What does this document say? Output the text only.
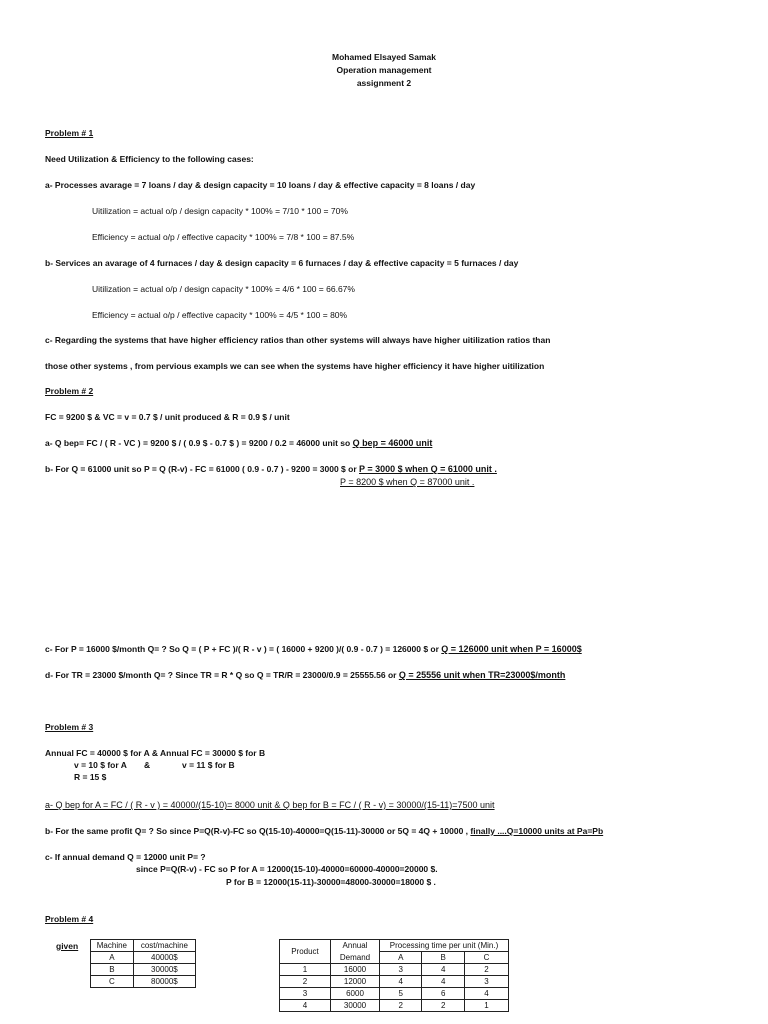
Mohamed Elsayed Samak
Operation management
assignment 2
Problem # 1
Need Utilization & Efficiency to the following cases:
a- Processes avarage = 7 loans / day & design capacity = 10 loans / day & effective capacity = 8 loans / day
Uitilization = actual o/p / design capacity * 100% = 7/10 * 100 = 70%
Efficiency = actual o/p / effective capacity * 100% = 7/8 * 100 = 87.5%
b- Services an avarage of 4 furnaces / day & design capacity = 6 furnaces / day & effective capacity = 5 furnaces / day
Uitilization = actual o/p / design capacity * 100% = 4/6 * 100 = 66.67%
Efficiency = actual o/p / effective capacity * 100% = 4/5 * 100 = 80%
c- Regarding the systems that have higher efficiency ratios than other systems will always have higher uitilization ratios than
those other systems , from pervious exampls we can see when the systems have higher efficiency it have higher uitilization
Problem # 2
FC = 9200 $ & VC = v = 0.7 $ / unit produced & R = 0.9 $ / unit
a- Q bep= FC / ( R - VC ) = 9200 $ / ( 0.9 $ - 0.7 $ ) = 9200 / 0.2 = 46000 unit so Q bep = 46000 unit
b- For Q = 61000 unit so P = Q (R-v) - FC = 61000 ( 0.9 - 0.7 ) - 9200 = 3000 $ or P = 3000 $ when Q = 61000 unit .
P = 8200 $ when Q = 87000 unit .
c- For P = 16000 $/month Q= ? So Q = ( P + FC )/( R - v ) = ( 16000 + 9200 )/( 0.9 - 0.7 ) = 126000 $ or Q = 126000 unit when P = 16000$
d- For TR = 23000 $/month Q= ? Since TR = R * Q so Q = TR/R = 23000/0.9 = 25555.56 or Q = 25556 unit when TR=23000$/month
Problem # 3
Annual FC = 40000 $ for A & Annual FC = 30000 $ for B
v = 10 $ for A &	v = 11 $ for B
R = 15 $
a- Q bep for A = FC / ( R - v ) = 40000/(15-10)= 8000 unit & Q bep for B = FC / ( R - v) = 30000/(15-11)=7500 unit
b- For the same profit Q= ? So since P=Q(R-v)-FC so Q(15-10)-40000=Q(15-11)-30000 or 5Q = 4Q + 10000 , finally ....Q=10000 units at Pa=Pb
c- If annual demand Q = 12000 unit P= ?
since P=Q(R-v) - FC so P for A = 12000(15-10)-40000=60000-40000=20000 $.
P for B = 12000(15-11)-30000=48000-30000=18000 $ .
Problem # 4
given Machine	cost/machine
A	40000$
B	30000$
C	80000$
Product	Annual	Processing time per unit (Min.)		
	Demand	A	B	C
1	16000	3	4	2
2	12000	4	4	3
3	6000	5	6	4
4	30000	2	2	1
